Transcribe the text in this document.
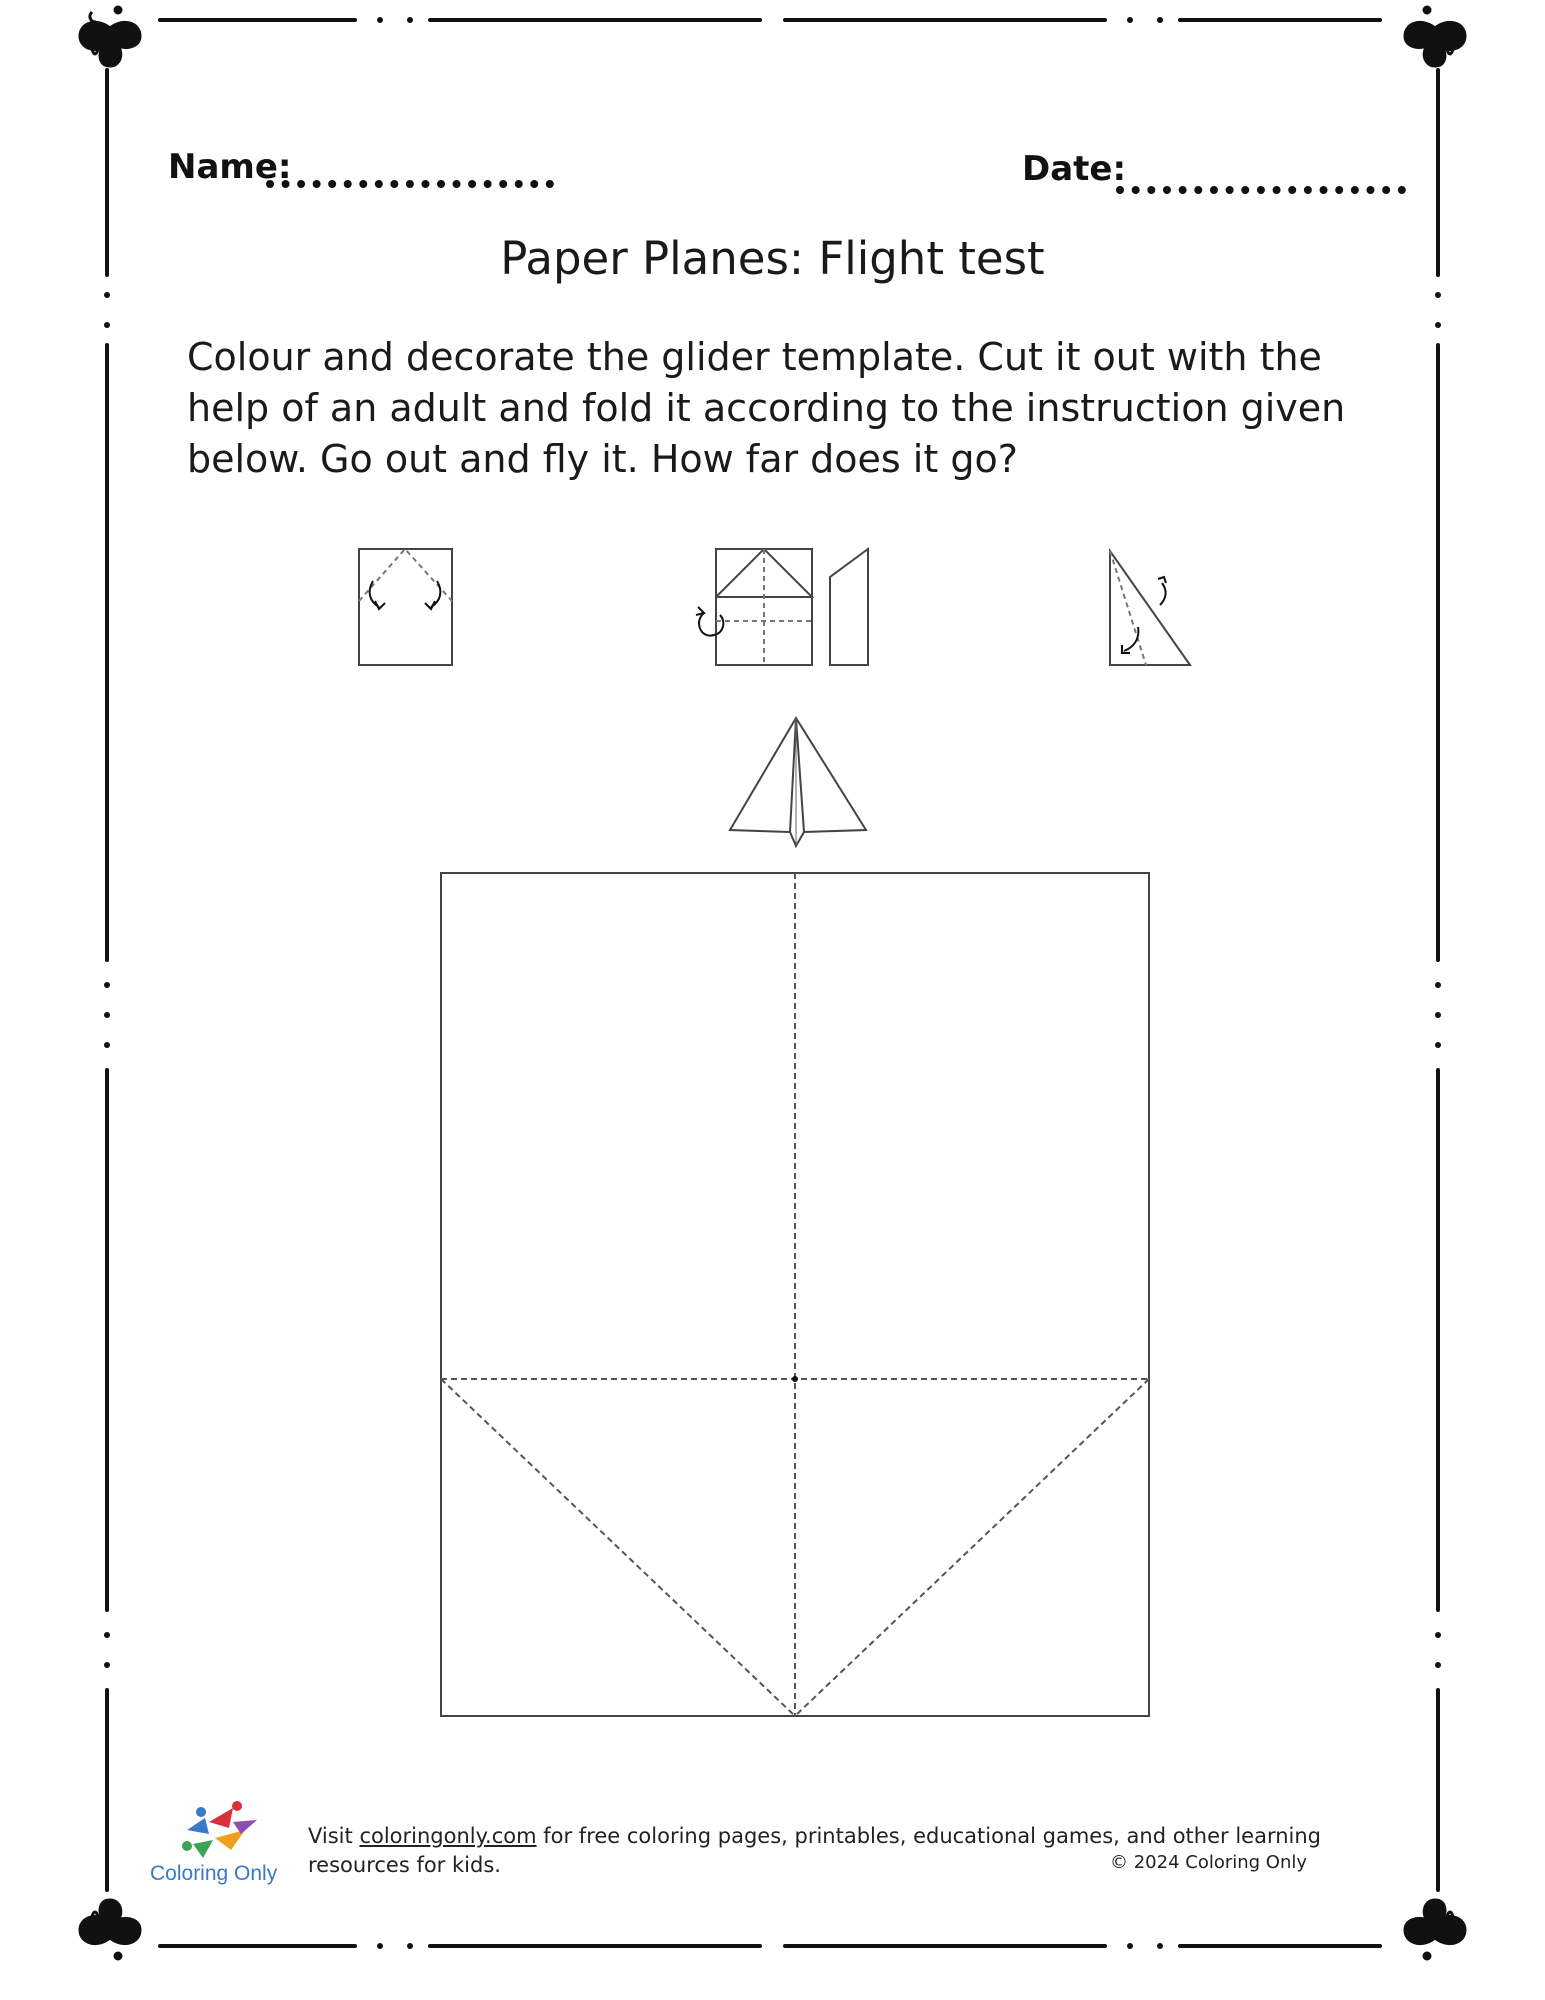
Name:	Date:
Paper Planes: Flight test
Colour and decorate the glider template. Cut it out with the help of an adult and fold it according to the instruction given below. Go out and fly it. How far does it go?
Coloring Only
Visit coloringonly.com for free coloring pages, printables, educational games, and other learning resources for kids.	© 2024 Coloring Only
